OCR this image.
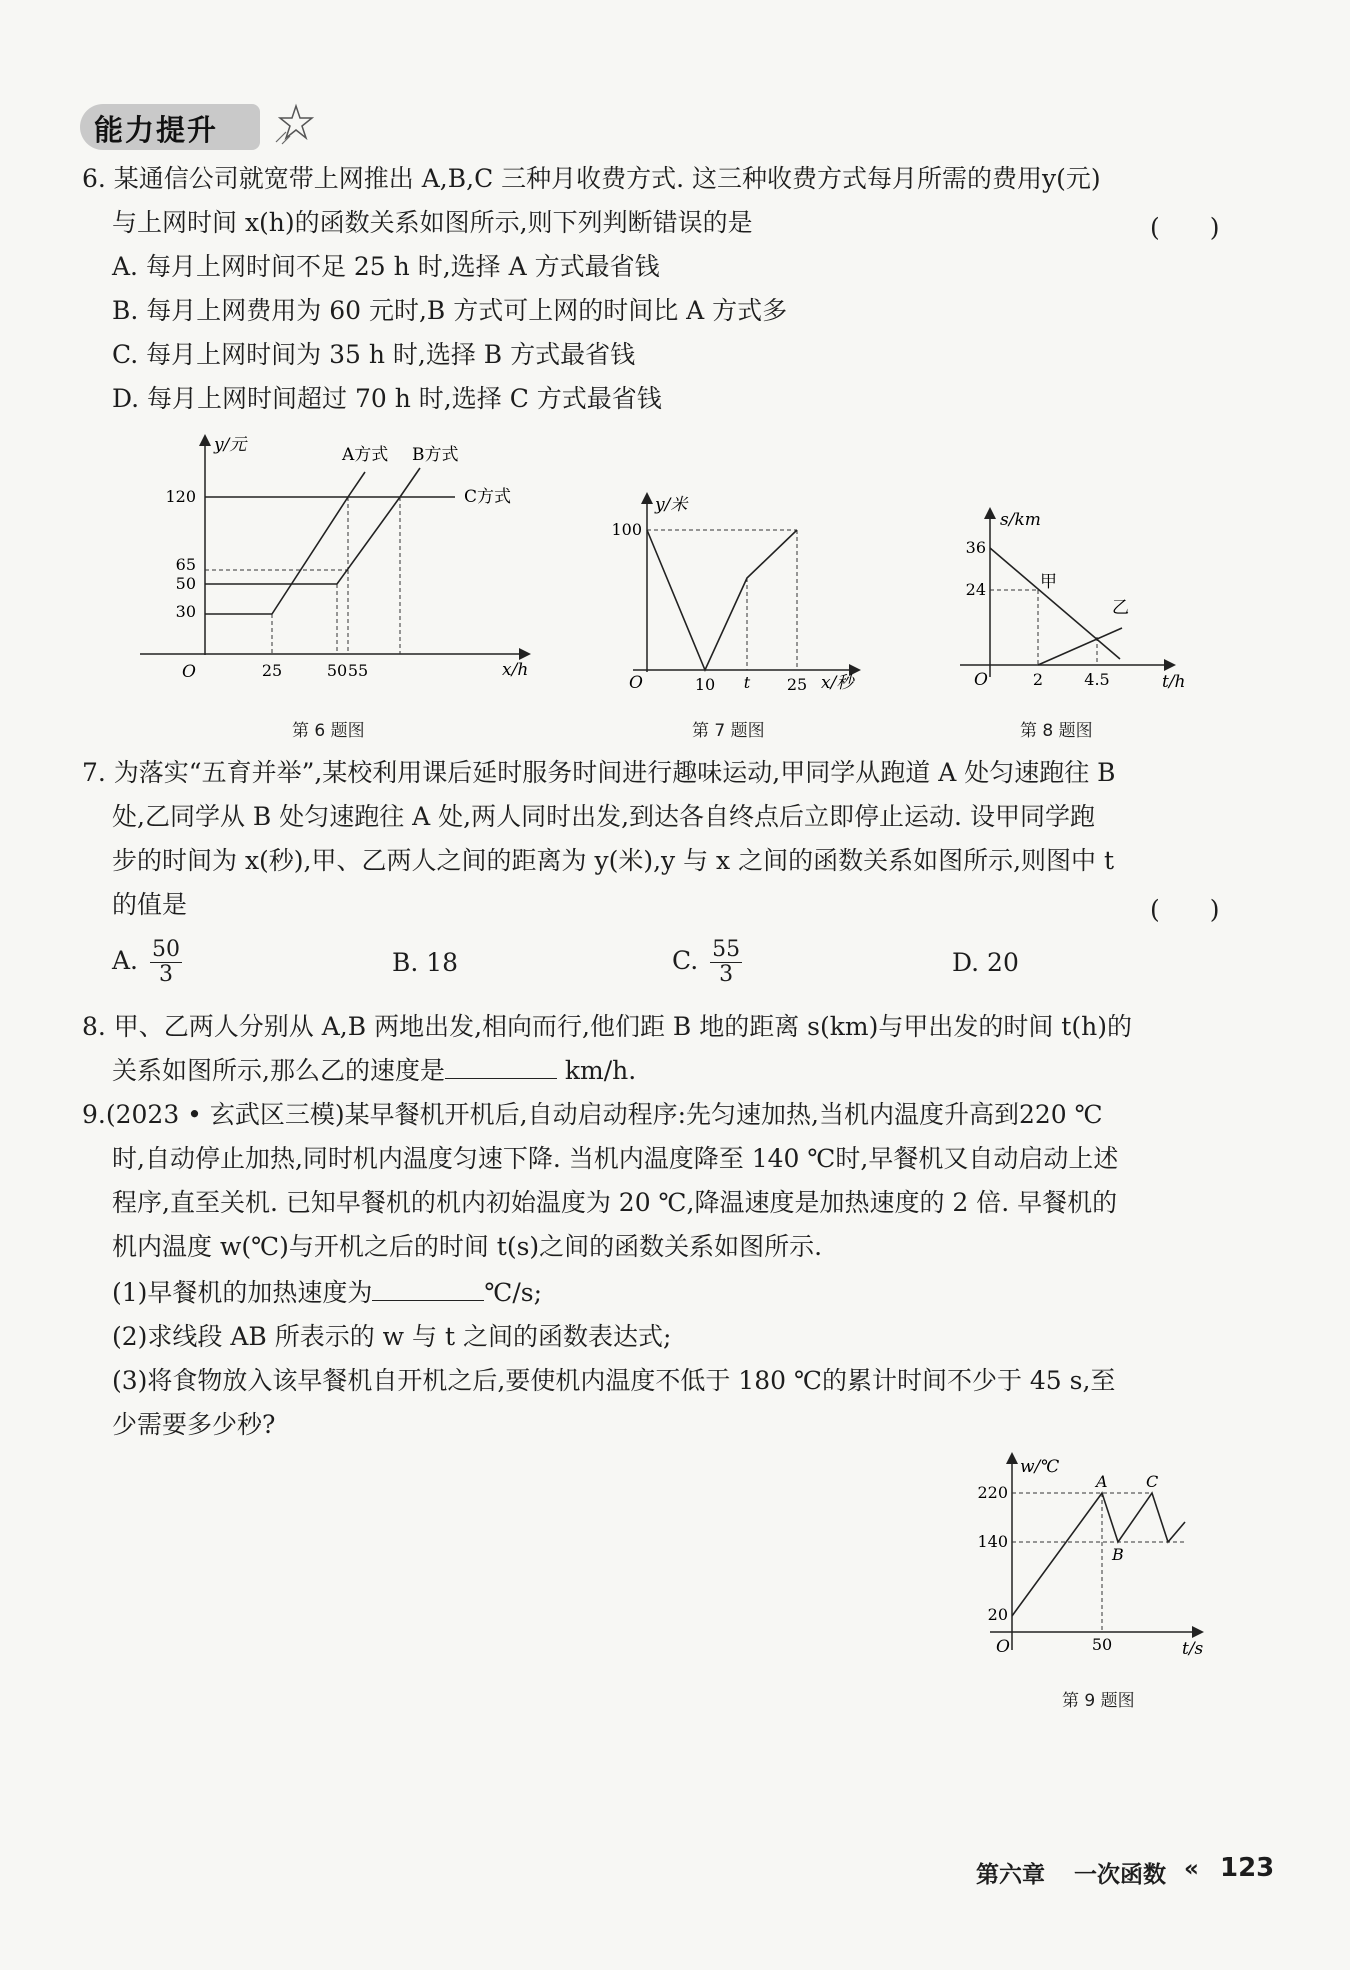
能力提升
6. 某通信公司就宽带上网推出 A,B,C 三种月收费方式. 这三种收费方式每月所需的费用y(元)
与上网时间 x(h)的函数关系如图所示,则下列判断错误的是	(　　)
A. 每月上网时间不足 25 h 时,选择 A 方式最省钱
B. 每月上网费用为 60 元时,B 方式可上网的时间比 A 方式多
C. 每月上网时间为 35 h 时,选择 B 方式最省钱
D. 每月上网时间超过 70 h 时,选择 C 方式最省钱
y/元
x/h
O
120
65
50
30
25	50 55
A方式 B方式
C方式
第 6 题图
y/米
x/秒
O
100
10 t 25
第 7 题图
s/km
t/h
O
36
24
2	4.5
甲
乙
第 8 题图
7. 为落实“五育并举”,某校利用课后延时服务时间进行趣味运动,甲同学从跑道 A 处匀速跑往 B
处,乙同学从 B 处匀速跑往 A 处,两人同时出发,到达各自终点后立即停止运动. 设甲同学跑
步的时间为 x(秒),甲、乙两人之间的距离为 y(米),y 与 x 之间的函数关系如图所示,则图中 t
的值是	(　　)
A. $\frac{50}{3}$	B. 18	C. $\frac{55}{3}$	D. 20
8. 甲、乙两人分别从 A,B 两地出发,相向而行,他们距 B 地的距离 s(km)与甲出发的时间 t(h)的
关系如图所示,那么乙的速度是	km/h.
9.(2023 • 玄武区三模)某早餐机开机后,自动启动程序:先匀速加热,当机内温度升高到220 ℃
时,自动停止加热,同时机内温度匀速下降. 当机内温度降至 140 ℃时,早餐机又自动启动上述
程序,直至关机. 已知早餐机的机内初始温度为 20 ℃,降温速度是加热速度的 2 倍. 早餐机的
机内温度 w(℃)与开机之后的时间 t(s)之间的函数关系如图所示.
(1)早餐机的加热速度为	℃/s;
(2)求线段 AB 所表示的 w 与 t 之间的函数表达式;
(3)将食物放入该早餐机自开机之后,要使机内温度不低于 180 ℃的累计时间不少于 45 s,至
少需要多少秒?
w/℃
t/s
O
220
140
20
50
A
B
C
第 9 题图
第六章 一次函数 « 123
